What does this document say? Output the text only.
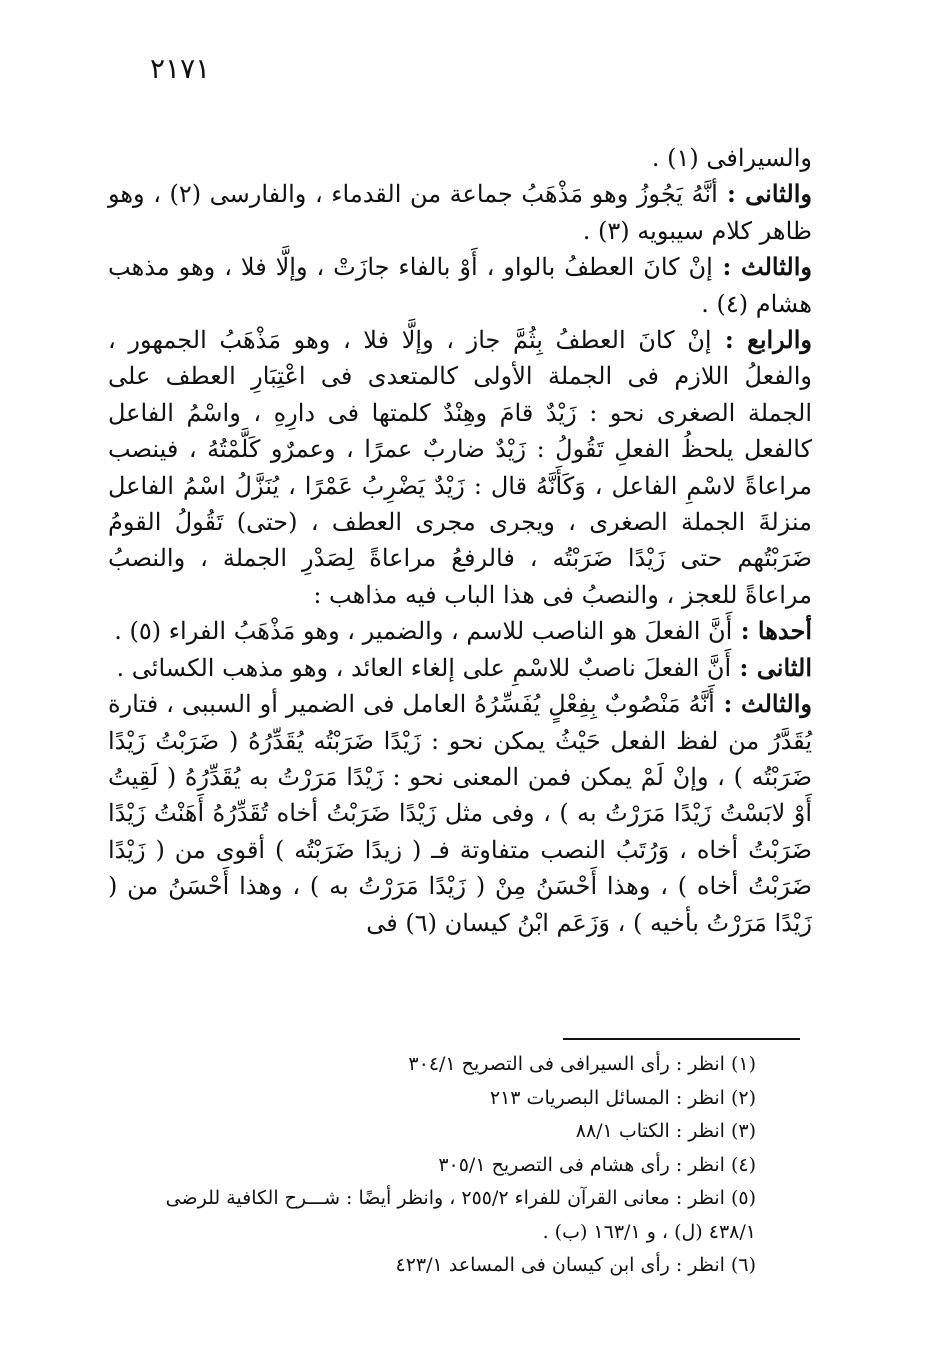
٢١٧١

والسيرافى (١) .

والثانى : أنَّهُ يَجُوزُ وهو مَذْهَبُ جماعة من القدماء ، والفارسى (٢) ، وهو ظاهر كلام سيبويه (٣) .

والثالث : إنْ كانَ العطفُ بالواو ، أَوْ بالفاء جازَتْ ، وإلَّا فلا ، وهو مذهب هشام (٤) .

والرابع : إنْ كانَ العطفُ بِثُمَّ جاز ، وإلَّا فلا ، وهو مَذْهَبُ الجمهور ، والفعلُ اللازم فى الجملة الأولى كالمتعدى فى اعْتِبَارِ العطف على الجملة الصغرى نحو : زَيْدٌ قامَ وهِنْدٌ كلمتها فى دارِهِ ، واسْمُ الفاعل كالفعل يلحظُ الفعلِ تَقُولُ : زَيْدٌ ضاربٌ عمرًا ، وعمرٌو كَلَّمْتُهُ ، فينصب مراعاةً لاسْمِ الفاعل ، وَكَأَنَّهُ قال : زَيْدٌ يَضْرِبُ عَمْرًا ، يُنَزَّلُ اسْمُ الفاعل منزلةَ الجملة الصغرى ، ويجرى مجرى العطف ، (حتى) تَقُولُ القومُ ضَرَبْتُهم حتى زَيْدًا ضَرَبْتُه ، فالرفعُ مراعاةً لِصَدْرِ الجملة ، والنصبُ مراعاةً للعجز ، والنصبُ فى هذا الباب فيه مذاهب :

أحدها : أَنَّ الفعلَ هو الناصب للاسم ، والضمير ، وهو مَذْهَبُ الفراء (٥) .

الثانى : أَنَّ الفعلَ ناصبٌ للاسْمِ على إلغاء العائد ، وهو مذهب الكسائى .

والثالث : أَنَّهُ مَنْصُوبٌ بِفِعْلٍ يُفَسِّرُهُ العامل فى الضمير أو السببى ، فتارة يُقَدَّرُ من لفظ الفعل حَيْثُ يمكن نحو : زَيْدًا ضَرَبْتُه يُقَدِّرُهُ ( ضَرَبْتُ زَيْدًا ضَرَبْتُه ) ، وإنْ لَمْ يمكن فمن المعنى نحو : زَيْدًا مَرَرْتُ به يُقَدِّرُهُ ( لَقِيتُ أَوْ لابَسْتُ زَيْدًا مَرَرْتُ به ) ، وفى مثل زَيْدًا ضَرَبْتُ أخاه تُقَدِّرُهُ أَهَنْتُ زَيْدًا ضَرَبْتُ أخاه ، وَرُتَبُ النصب متفاوتة فـ ( زيدًا ضَرَبْتُه ) أقوى من ( زَيْدًا ضَرَبْتُ أخاه ) ، وهذا أَحْسَنُ مِنْ ( زَيْدًا مَرَرْتُ به ) ، وهذا أَحْسَنُ من ( زَيْدًا مَرَرْتُ بأخيه ) ، وَزَعَم ابْنُ كيسان (٦) فى

(١) انظر : رأى السيرافى فى التصريح ٣٠٤/١

(٢) انظر : المسائل البصريات ٢١٣

(٣) انظر : الكتاب ٨٨/١

(٤) انظر : رأى هشام فى التصريح ٣٠٥/١

(٥) انظر : معانى القرآن للفراء ٢٥٥/٢ ، وانظر أيضًا : شـــرح الكافية للرضى ٤٣٨/١ (ل) ، و ١٦٣/١ (ب) .

(٦) انظر : رأى ابن كيسان فى المساعد ٤٢٣/١
